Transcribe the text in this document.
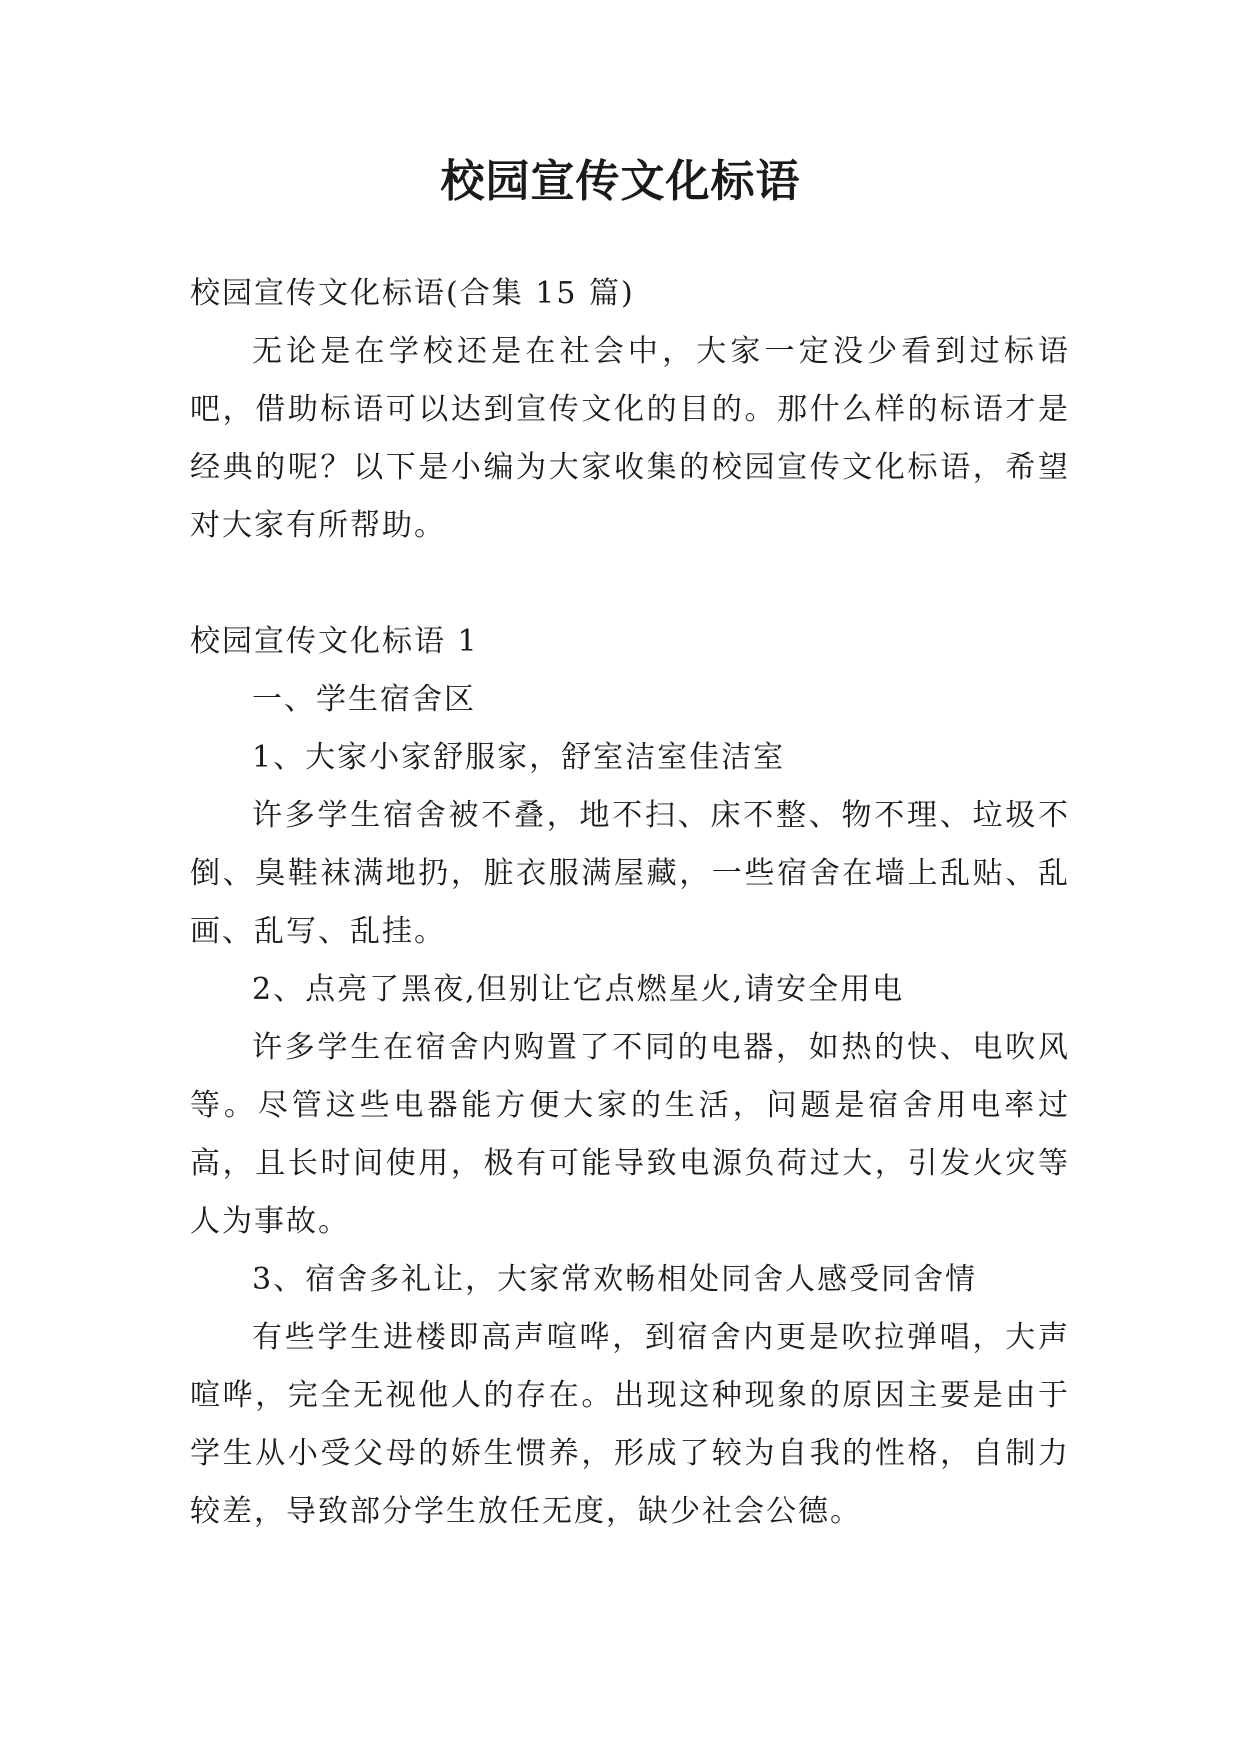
校园宣传文化标语

校园宣传文化标语(合集 15 篇)

无论是在学校还是在社会中，大家一定没少看到过标语吧，借助标语可以达到宣传文化的目的。那什么样的标语才是经典的呢？以下是小编为大家收集的校园宣传文化标语，希望对大家有所帮助。

校园宣传文化标语 1

一、学生宿舍区

1、大家小家舒服家，舒室洁室佳洁室

许多学生宿舍被不叠，地不扫、床不整、物不理、垃圾不倒、臭鞋袜满地扔，脏衣服满屋藏，一些宿舍在墙上乱贴、乱画、乱写、乱挂。

2、点亮了黑夜,但别让它点燃星火,请安全用电

许多学生在宿舍内购置了不同的电器，如热的快、电吹风等。尽管这些电器能方便大家的生活，问题是宿舍用电率过高，且长时间使用，极有可能导致电源负荷过大，引发火灾等人为事故。

3、宿舍多礼让，大家常欢畅相处同舍人感受同舍情

有些学生进楼即高声喧哗，到宿舍内更是吹拉弹唱，大声喧哗，完全无视他人的存在。出现这种现象的原因主要是由于学生从小受父母的娇生惯养，形成了较为自我的性格，自制力较差，导致部分学生放任无度，缺少社会公德。
